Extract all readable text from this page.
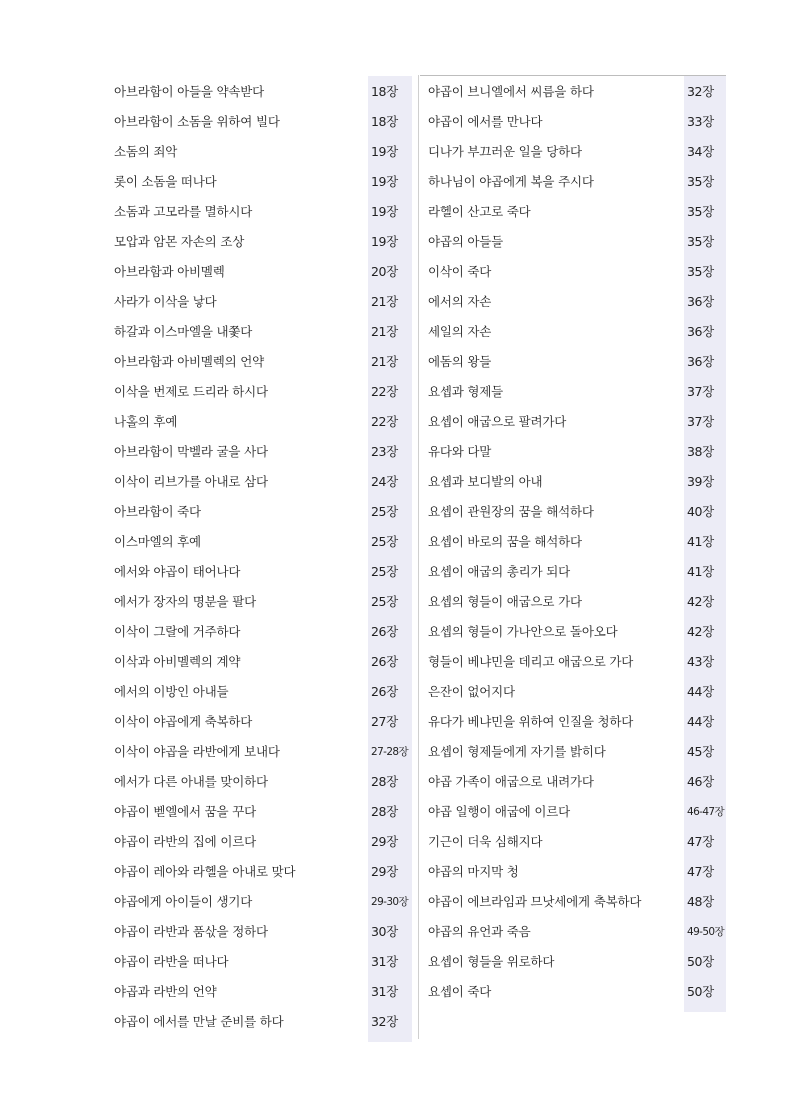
아브라함이 아들을 약속받다	18장
아브라함이 소돔을 위하여 빌다	18장
소돔의 죄악	19장
롯이 소돔을 떠나다	19장
소돔과 고모라를 멸하시다	19장
모압과 암몬 자손의 조상	19장
아브라함과 아비멜렉	20장
사라가 이삭을 낳다	21장
하갈과 이스마엘을 내쫓다	21장
아브라함과 아비멜렉의 언약	21장
이삭을 번제로 드리라 하시다	22장
나홀의 후예	22장
아브라함이 막벨라 굴을 사다	23장
이삭이 리브가를 아내로 삼다	24장
아브라함이 죽다	25장
이스마엘의 후예	25장
에서와 야곱이 태어나다	25장
에서가 장자의 명분을 팔다	25장
이삭이 그랄에 거주하다	26장
이삭과 아비멜렉의 계약	26장
에서의 이방인 아내들	26장
이삭이 야곱에게 축복하다	27장
이삭이 야곱을 라반에게 보내다	27-28장
에서가 다른 아내를 맞이하다	28장
야곱이 벧엘에서 꿈을 꾸다	28장
야곱이 라반의 집에 이르다	29장
야곱이 레아와 라헬을 아내로 맞다	29장
야곱에게 아이들이 생기다	29-30장
야곱이 라반과 품삯을 정하다	30장
야곱이 라반을 떠나다	31장
야곱과 라반의 언약	31장
야곱이 에서를 만날 준비를 하다	32장
야곱이 브니엘에서 씨름을 하다	32장
야곱이 에서를 만나다	33장
디나가 부끄러운 일을 당하다	34장
하나님이 야곱에게 복을 주시다	35장
라헬이 산고로 죽다	35장
야곱의 아들들	35장
이삭이 죽다	35장
에서의 자손	36장
세일의 자손	36장
에돔의 왕들	36장
요셉과 형제들	37장
요셉이 애굽으로 팔려가다	37장
유다와 다말	38장
요셉과 보디발의 아내	39장
요셉이 관원장의 꿈을 해석하다	40장
요셉이 바로의 꿈을 해석하다	41장
요셉이 애굽의 총리가 되다	41장
요셉의 형들이 애굽으로 가다	42장
요셉의 형들이 가나안으로 돌아오다	42장
형들이 베냐민을 데리고 애굽으로 가다	43장
은잔이 없어지다	44장
유다가 베냐민을 위하여 인질을 청하다	44장
요셉이 형제들에게 자기를 밝히다	45장
야곱 가족이 애굽으로 내려가다	46장
야곱 일행이 애굽에 이르다	46-47장
기근이 더욱 심해지다	47장
야곱의 마지막 청	47장
야곱이 에브라임과 므낫세에게 축복하다	48장
야곱의 유언과 죽음	49-50장
요셉이 형들을 위로하다	50장
요셉이 죽다	50장
